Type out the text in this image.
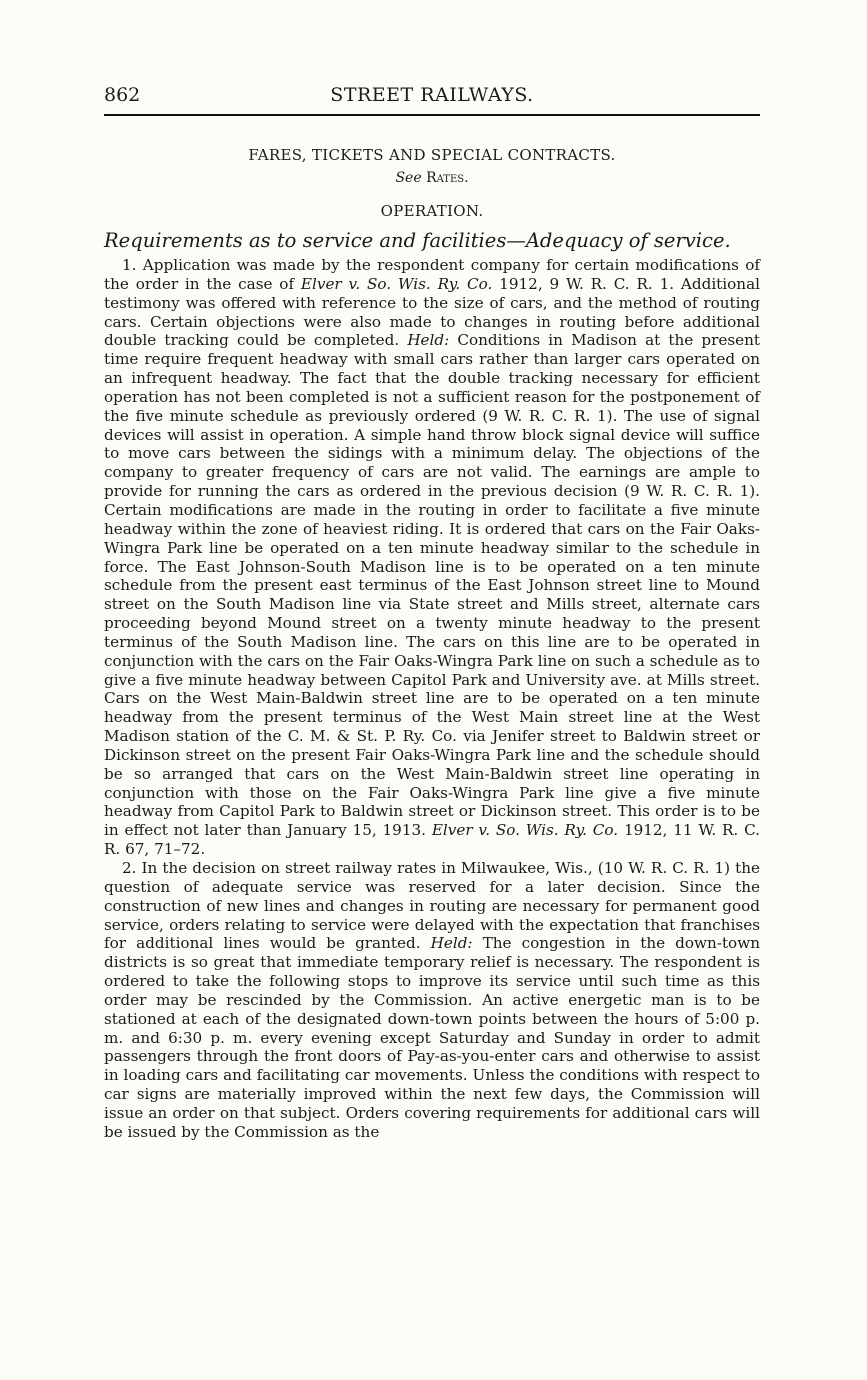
862	STREET RAILWAYS.
FARES, TICKETS AND SPECIAL CONTRACTS.
See Rates.
OPERATION.
Requirements as to service and facilities—Adequacy of service.

1. Application was made by the respondent company for certain modifications of the order in the case of Elver v. So. Wis. Ry. Co. 1912, 9 W. R. C. R. 1. Additional testimony was offered with reference to the size of cars, and the method of routing cars. Certain objections were also made to changes in routing before additional double tracking could be completed. Held: Conditions in Madison at the present time require frequent headway with small cars rather than larger cars operated on an infrequent headway. The fact that the double tracking necessary for efficient operation has not been completed is not a sufficient reason for the postponement of the five minute schedule as previously ordered (9 W. R. C. R. 1). The use of signal devices will assist in operation. A simple hand throw block signal device will suffice to move cars between the sidings with a minimum delay. The objections of the company to greater frequency of cars are not valid. The earnings are ample to provide for running the cars as ordered in the previous decision (9 W. R. C. R. 1). Certain modifications are made in the routing in order to facilitate a five minute headway within the zone of heaviest riding. It is ordered that cars on the Fair Oaks-Wingra Park line be operated on a ten minute headway similar to the schedule in force. The East Johnson-South Madison line is to be operated on a ten minute schedule from the present east terminus of the East Johnson street line to Mound street on the South Madison line via State street and Mills street, alternate cars proceeding beyond Mound street on a twenty minute headway to the present terminus of the South Madison line. The cars on this line are to be operated in conjunction with the cars on the Fair Oaks-Wingra Park line on such a schedule as to give a five minute headway between Capitol Park and University ave. at Mills street. Cars on the West Main-Baldwin street line are to be operated on a ten minute headway from the present terminus of the West Main street line at the West Madison station of the C. M. & St. P. Ry. Co. via Jenifer street to Baldwin street or Dickinson street on the present Fair Oaks-Wingra Park line and the schedule should be so arranged that cars on the West Main-Baldwin street line operating in conjunction with those on the Fair Oaks-Wingra Park line give a five minute headway from Capitol Park to Baldwin street or Dickinson street. This order is to be in effect not later than January 15, 1913. Elver v. So. Wis. Ry. Co. 1912, 11 W. R. C. R. 67, 71–72.

2. In the decision on street railway rates in Milwaukee, Wis., (10 W. R. C. R. 1) the question of adequate service was reserved for a later decision. Since the construction of new lines and changes in routing are necessary for permanent good service, orders relating to service were delayed with the expectation that franchises for additional lines would be granted. Held: The congestion in the down-town districts is so great that immediate temporary relief is necessary. The respondent is ordered to take the following stops to improve its service until such time as this order may be rescinded by the Commission. An active energetic man is to be stationed at each of the designated down-town points between the hours of 5:00 p. m. and 6:30 p. m. every evening except Saturday and Sunday in order to admit passengers through the front doors of Pay-as-you-enter cars and otherwise to assist in loading cars and facilitating car movements. Unless the conditions with respect to car signs are materially improved within the next few days, the Commission will issue an order on that subject. Orders covering requirements for additional cars will be issued by the Commission as the
